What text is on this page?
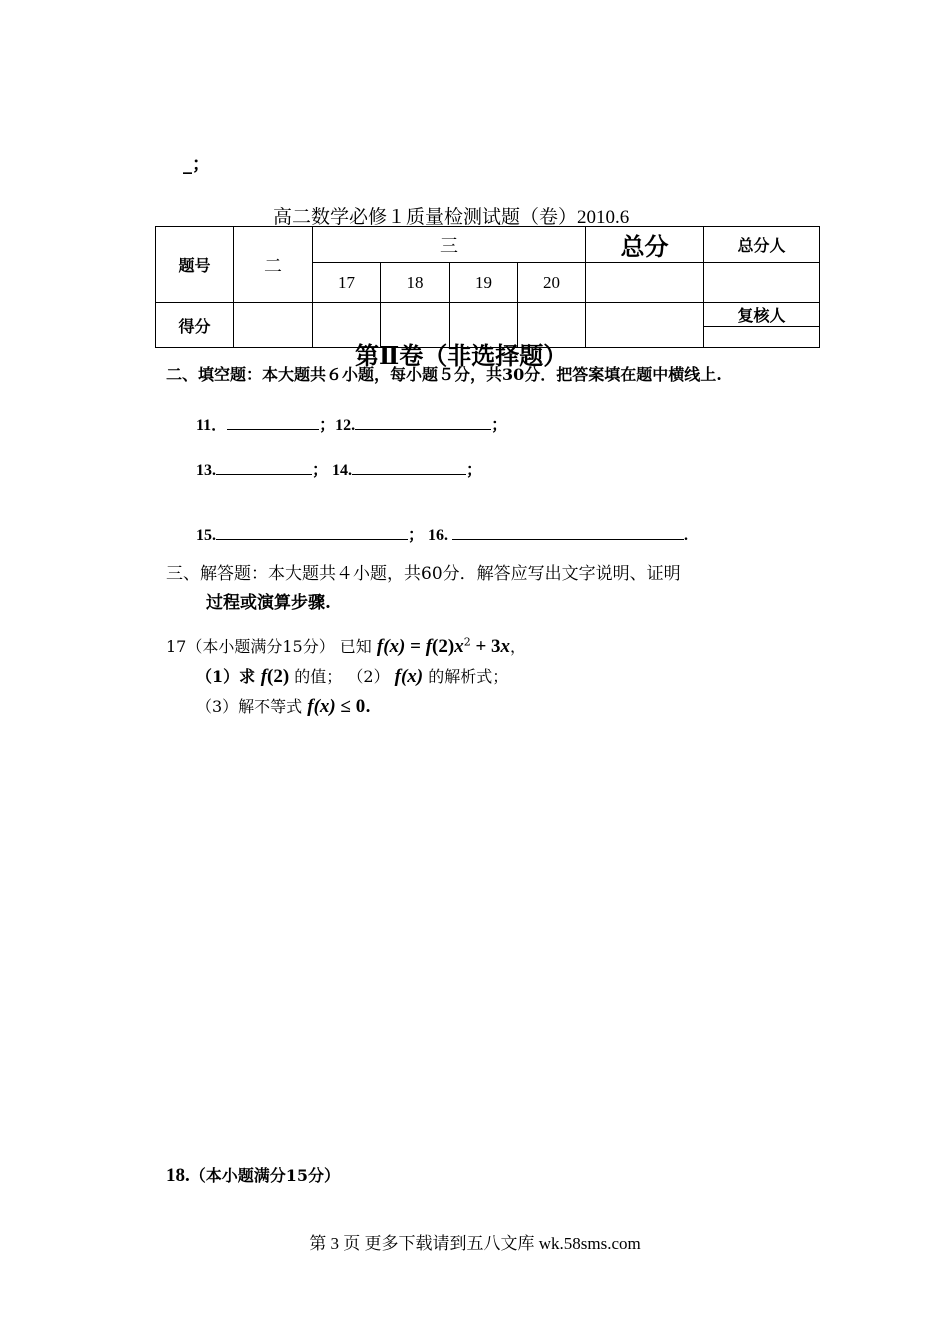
_；
高二数学必修１质量检测试题（卷）2010.6
题号	二	三				总分	总分人
		17	18	19	20		
得分							复核人

第Ⅱ卷（非选择题）
二、填空题：本大题共６小题，每小题５分，共30分．把答案填在题中横线上.
11．	；12.	；
13.	； 14.	；
15.	； 16.	.
三、解答题：本大题共４小题，共60分．解答应写出文字说明、证明
过程或演算步骤.
17（本小题满分15分） 已知 $f(x) = f(2)x^2 + 3x$，
（1）求 f(2) 的值； （2） f(x) 的解析式；
（3）解不等式 f(x) ≤ 0.
18.（本小题满分15分）
第 3 页 更多下载请到五八文库 wk.58sms.com
